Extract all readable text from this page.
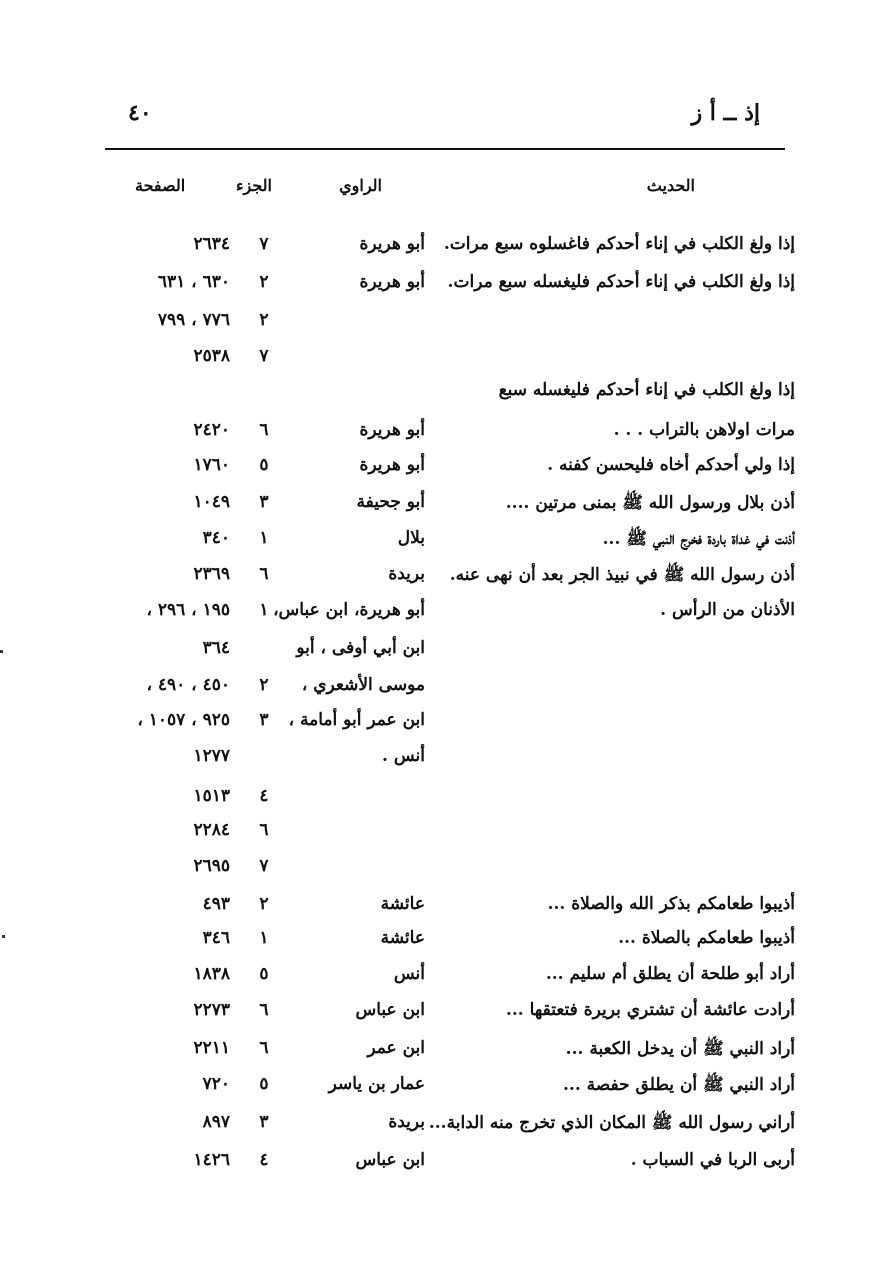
٤٠	إذ ــ أ ز
الحديث
الراوي
الجزء
الصفحة
إذا ولغ الكلب في إناء أحدكم فاغسلوه سبع مرات.
أبو هريرة
٧
٢٦٣٤
إذا ولغ الكلب في إناء أحدكم فليغسله سبع مرات.
أبو هريرة
٢
٦٣٠ ، ٦٣١
٢
٧٧٦ ، ٧٩٩
٧
٢٥٣٨
إذا ولغ الكلب في إناء أحدكم فليغسله سبع
مرات اولاهن بالتراب . . .
أبو هريرة
٦
٢٤٢٠
إذا ولي أحدكم أخاه فليحسن كفنه .
أبو هريرة
٥
١٧٦٠
أذن بلال ورسول الله ﷺ بمنى مرتين ....
أبو جحيفة
٣
١٠٤٩
أذنت في غداة باردة فخرج النبي ﷺ ...
بلال
١
٣٤٠
أذن رسول الله ﷺ في نبيذ الجر بعد أن نهى عنه.
بريدة
٦
٢٣٦٩
الأذنان من الرأس .
أبو هريرة، ابن عباس،
١
١٩٥ ، ٢٩٦ ،
ابن أبي أوفى ، أبو
٣٦٤
موسى الأشعري ،
٢
٤٥٠ ، ٤٩٠ ،
ابن عمر أبو أمامة ،
٣
٩٢٥ ، ١٠٥٧ ،
أنس .
١٢٧٧
٤
١٥١٣
٦
٢٢٨٤
٧
٢٦٩٥
أذيبوا طعامكم بذكر الله والصلاة ...
عائشة
٢
٤٩٣
أذيبوا طعامكم بالصلاة ...
عائشة
١
٣٤٦
أراد أبو طلحة أن يطلق أم سليم ...
أنس
٥
١٨٣٨
أرادت عائشة أن تشتري بريرة فتعتقها ...
ابن عباس
٦
٢٢٧٣
أراد النبي ﷺ أن يدخل الكعبة ...
ابن عمر
٦
٢٢١١
أراد النبي ﷺ أن يطلق حفصة ...
عمار بن ياسر
٥
٧٢٠
أراني رسول الله ﷺ المكان الذي تخرج منه الدابة...
بريدة
٣
٨٩٧
أربى الربا في السباب .
ابن عباس
٤
١٤٢٦
